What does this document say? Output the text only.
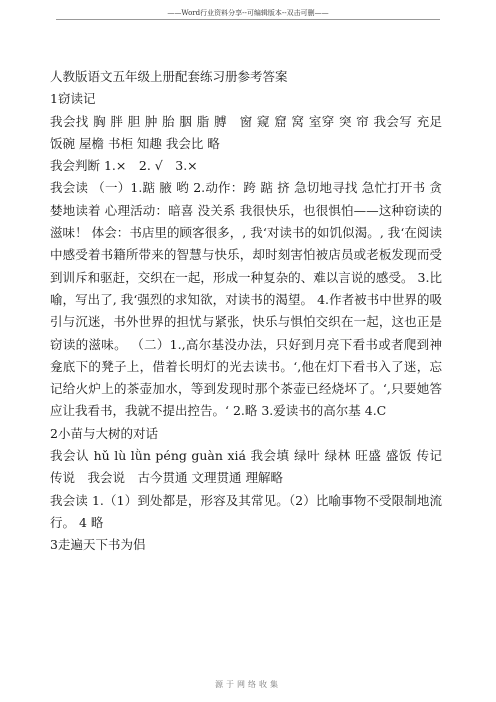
——Word行业资料分享--可编辑版本--双击可删——

人教版语文五年级上册配套练习册参考答案

1窃读记

我会找 胸 胖 胆 肿 胎 胭 脂 膊　窗 窥 窟 窝 室穿 突 帘 我会写 充足 饭碗 屋檐 书柜 知趣 我会比 略

我会判断 1.×　2. √　3.×

我会读 （一）1.踮 腋 哟 2.动作：跨 踮 挤 急切地寻找 急忙打开书 贪婪地读着 心理活动：暗喜 没关系 我很快乐，也很惧怕——这种窃读的滋味！ 体会：书店里的顾客很多，, 我‘对读书的如饥似渴。, 我‘在阅读中感受着书籍所带来的智慧与快乐，却时刻害怕被店员或老板发现而受到训斥和驱赶，交织在一起，形成一种复杂的、难以言说的感受。 3.比喻，写出了, 我‘强烈的求知欲，对读书的渴望。 4.作者被书中世界的吸引与沉迷，书外世界的担忧与紧张，快乐与惧怕交织在一起，这也正是窃读的滋味。 （二）1.,高尔基没办法，只好到月亮下看书或者爬到神龛底下的凳子上，借着长明灯的光去读书。‘,他在灯下看书入了迷，忘记给火炉上的茶壶加水，等到发现时那个茶壶已经烧坏了。‘,只要她答应让我看书，我就不提出控告。‘ 2.略 3.爱读书的高尔基 4.C

2小苗与大树的对话

我会认 hǔ lù lǜn péng guàn xiá 我会填 绿叶 绿林 旺盛 盛饭 传记 传说　我会说　古今贯通 文理贯通 理解略

我会读 1.（1）到处都是，形容及其常见。（2）比喻事物不受限制地流行。 4 略

3走遍天下书为侣

源于网络收集
